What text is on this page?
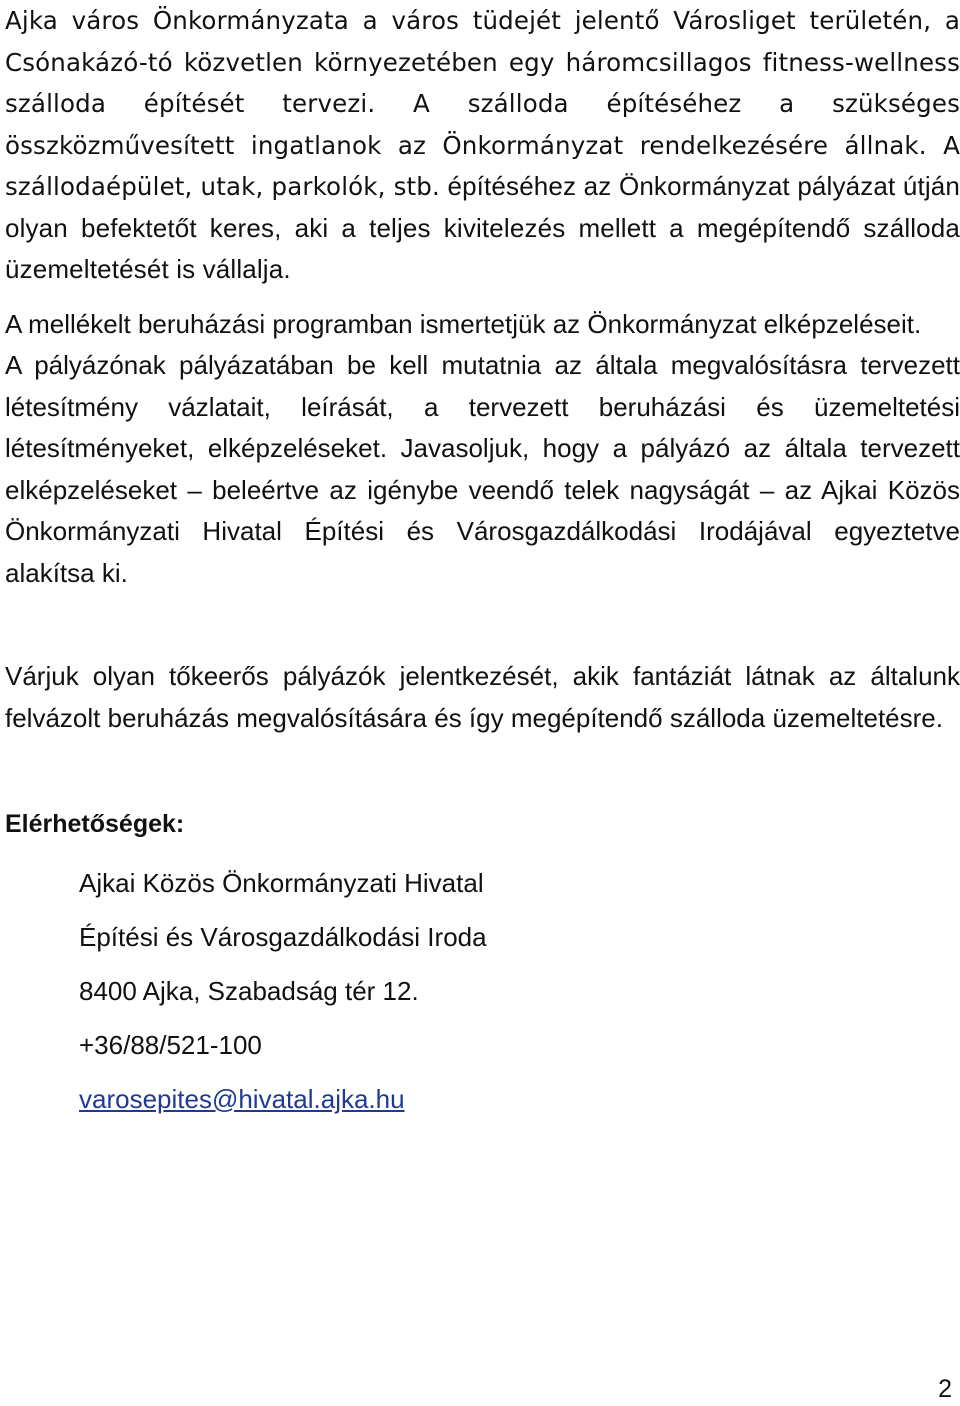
Ajka város Önkormányzata a város tüdejét jelentő Városliget területén, a Csónakázó-tó közvetlen környezetében egy háromcsillagos fitness-wellness szálloda építését tervezi. A szálloda építéséhez a szükséges összközművesített ingatlanok az Önkormányzat rendelkezésére állnak. A szállodaépület, utak, parkolók, stb. építéséhez az Önkormányzat pályázat útján olyan befektetőt keres, aki a teljes kivitelezés mellett a megépítendő szálloda üzemeltetését is vállalja.

A mellékelt beruházási programban ismertetjük az Önkormányzat elképzeléseit.

A pályázónak pályázatában be kell mutatnia az általa megvalósításra tervezett létesítmény vázlatait, leírását, a tervezett beruházási és üzemeltetési létesítményeket, elképzeléseket. Javasoljuk, hogy a pályázó az általa tervezett elképzeléseket – beleértve az igénybe veendő telek nagyságát – az Ajkai Közös Önkormányzati Hivatal Építési és Városgazdálkodási Irodájával egyeztetve alakítsa ki.

Várjuk olyan tőkeerős pályázók jelentkezését, akik fantáziát látnak az általunk felvázolt beruházás megvalósítására és így megépítendő szálloda üzemeltetésre.

Elérhetőségek:
Ajkai Közös Önkormányzati Hivatal
Építési és Városgazdálkodási Iroda
8400 Ajka, Szabadság tér 12.
+36/88/521-100
varosepites@hivatal.ajka.hu
2
